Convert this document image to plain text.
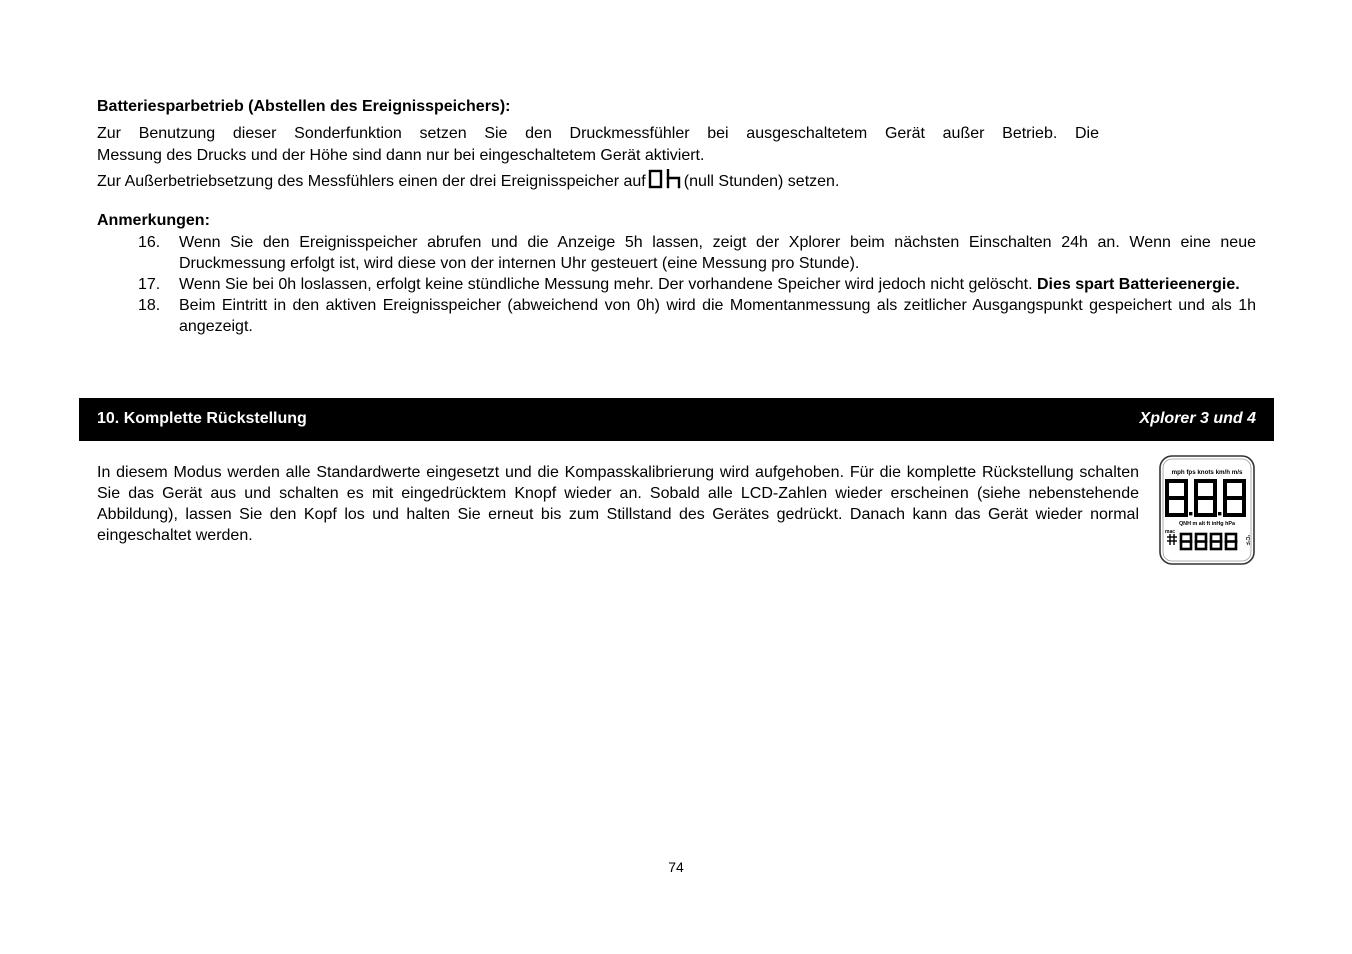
Batteriesparbetrieb (Abstellen des Ereignisspeichers):
Zur Benutzung dieser Sonderfunktion setzen Sie den Druckmessfühler bei ausgeschaltetem Gerät außer Betrieb. Die
Messung des Drucks und der Höhe sind dann nur bei eingeschaltetem Gerät aktiviert.
Zur Außerbetriebsetzung des Messfühlers einen der drei Ereignisspeicher auf (null Stunden) setzen.
Anmerkungen:
16. Wenn Sie den Ereignisspeicher abrufen und die Anzeige 5h lassen, zeigt der Xplorer beim nächsten Einschalten 24h an. Wenn eine neue Druckmessung erfolgt ist, wird diese von der internen Uhr gesteuert (eine Messung pro Stunde).
17. Wenn Sie bei 0h loslassen, erfolgt keine stündliche Messung mehr. Der vorhandene Speicher wird jedoch nicht gelöscht. Dies spart Batterieenergie.
18. Beim Eintritt in den aktiven Ereignisspeicher (abweichend von 0h) wird die Momentanmessung als zeitlicher Ausgangspunkt gespeichert und als 1h angezeigt.
10. Komplette Rückstellung	Xplorer 3 und 4
In diesem Modus werden alle Standardwerte eingesetzt und die Kompasskalibrierung wird aufgehoben. Für die komplette Rückstellung schalten Sie das Gerät aus und schalten es mit eingedrücktem Knopf wieder an. Sobald alle LCD-Zahlen wieder erscheinen (siehe nebenstehende Abbildung), lassen Sie den Kopf los und halten Sie erneut bis zum Stillstand des Gerätes gedrückt. Danach kann das Gerät wieder normal eingeschaltet werden.
mph fps knots km/h m/s
QNH m alt ft inHg hPa
mac
°C°F
74
